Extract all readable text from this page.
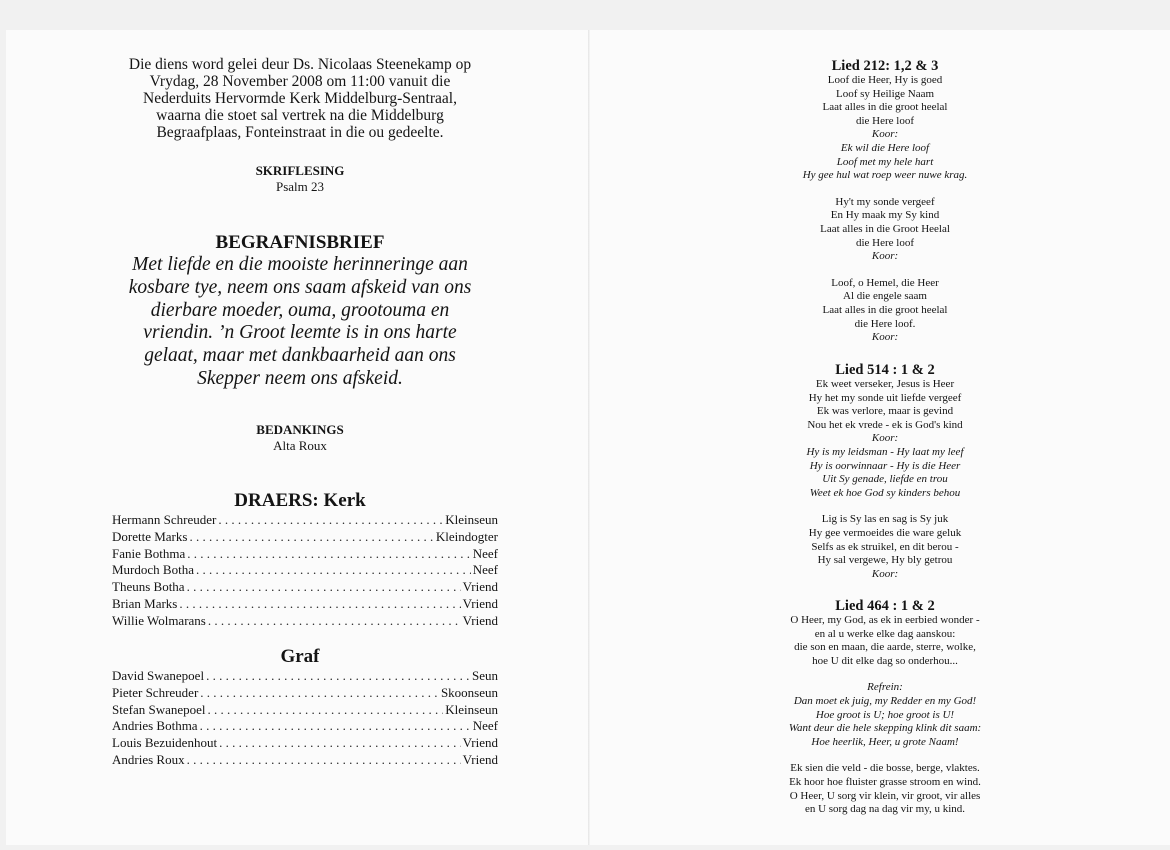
Die diens word gelei deur Ds. Nicolaas Steenekamp op
Vrydag, 28 November 2008 om 11:00 vanuit die
Nederduits Hervormde Kerk Middelburg-Sentraal,
waarna die stoet sal vertrek na die Middelburg
Begraafplaas, Fonteinstraat in die ou gedeelte.
SKRIFLESING
Psalm 23
BEGRAFNISBRIEF
Met liefde en die mooiste herinneringe aan
kosbare tye, neem ons saam afskeid van ons
dierbare moeder, ouma, grootouma en
vriendin. ’n Groot leemte is in ons harte
gelaat, maar met dankbaarheid aan ons
Skepper neem ons afskeid.
BEDANKINGS
Alta Roux
DRAERS: Kerk
Hermann Schreuder . . .	Kleinseun
Dorette Marks . . .	Kleindogter
Fanie Bothma . . .	Neef
Murdoch Botha . . .	Neef
Theuns Botha . . .	Vriend
Brian Marks . . .	Vriend
Willie Wolmarans . . .	Vriend
Graf
David Swanepoel . . .	Seun
Pieter Schreuder . . .	Skoonseun
Stefan Swanepoel . . .	Kleinseun
Andries Bothma . . .	Neef
Louis Bezuidenhout . . .	Vriend
Andries Roux . . .	Vriend
Lied 212: 1,2 & 3
Loof die Heer, Hy is goed
Loof sy Heilige Naam
Laat alles in die groot heelal
die Here loof
Koor:
Ek wil die Here loof
Loof met my hele hart
Hy gee hul wat roep weer nuwe krag.
Hy't my sonde vergeef
En Hy maak my Sy kind
Laat alles in die Groot Heelal
die Here loof
Koor:
Loof, o Hemel, die Heer
Al die engele saam
Laat alles in die groot heelal
die Here loof.
Koor:
Lied 514 : 1 & 2
Ek weet verseker, Jesus is Heer
Hy het my sonde uit liefde vergeef
Ek was verlore, maar is gevind
Nou het ek vrede - ek is God's kind
Koor:
Hy is my leidsman - Hy laat my leef
Hy is oorwinnaar - Hy is die Heer
Uit Sy genade, liefde en trou
Weet ek hoe God sy kinders behou
Lig is Sy las en sag is Sy juk
Hy gee vermoeides die ware geluk
Selfs as ek struikel, en dit berou -
Hy sal vergewe, Hy bly getrou
Koor:
Lied 464 : 1 & 2
O Heer, my God, as ek in eerbied wonder -
en al u werke elke dag aanskou:
die son en maan, die aarde, sterre, wolke,
hoe U dit elke dag so onderhou...
Refrein:
Dan moet ek juig, my Redder en my God!
Hoe groot is U; hoe groot is U!
Want deur die hele skepping klink dit saam:
Hoe heerlik, Heer, u grote Naam!
Ek sien die veld - die bosse, berge, vlaktes.
Ek hoor hoe fluister grasse stroom en wind.
O Heer, U sorg vir klein, vir groot, vir alles
en U sorg dag na dag vir my, u kind.
